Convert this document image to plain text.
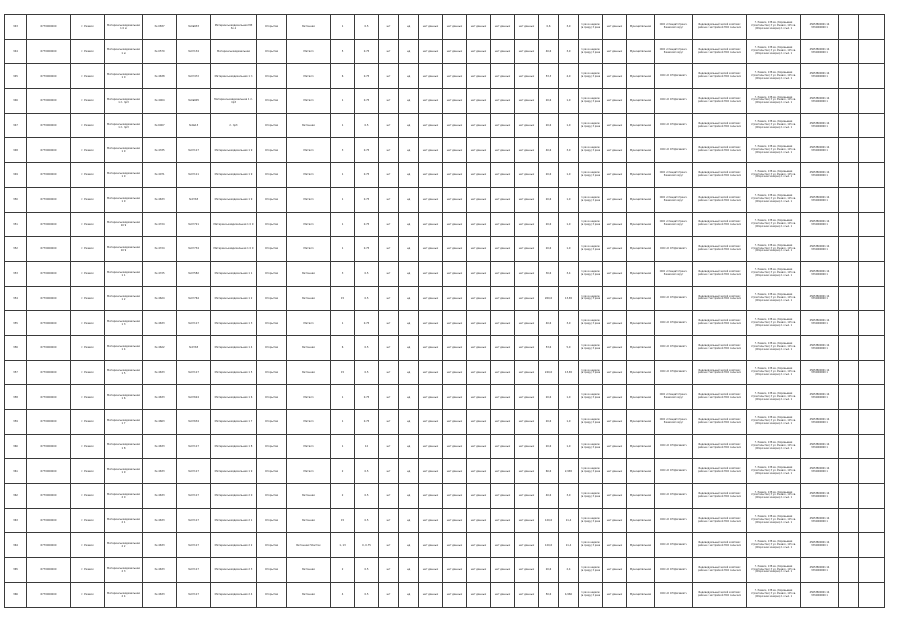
343	6770000000	г. Ржевск	Материнськаядизельная 1 0 м	3к.0837	3к0в633	Материнськаядизельная МЭ 3к.1	Открытая	Бетонная	1	0.5	шт	нд	нет данных	нет данных	нет данных	нет данных	нет данных	0,6	3,9	1 раз в неделю (в среду) 3 раза	нет данных	Муниципальная	ООО «Спецавтотранс» Ржевский округ	Индивидуальный жилой комплекс района с застройкой ПСО сельских	Г. Ржевск, 138 кв. (Коровьевая строительство) 3 ул. Ржевск, 115 кв. (Сборочная зонирна) 1 ссыл. 1	45653800001 14 3334000000 1		
344	6770000000	г. Ржевск	Материнськаядизельная 1 м	3к.0570	3к0т134	Материнськаядизельная	Открытая	Металл	5	0.75	шт	нд	нет данных	нет данных	нет данных	нет данных	нет данных	40,6	3,9	1 раз в неделю (в среду) 3 раза	нет данных	Муниципальная	ООО «Спецавтотранс» Ржевский округ	Индивидуальный жилой комплекс района с застройкой ПСО сельских	Г. Ржевск, 138 кв. (Коровьевая строительство) 3 ул. Ржевск, 115 кв. (Сборочная зонирна) 1 ссыл. 1	45653800001 14 3334000000 1		
345	6770000000	г. Ржевск	Материнськаядизельная 1 0	3к.4638	3к0т472	Материнськаядизельная 1 п	Открытая	Металл	6	0.75	шт	нд	нет данных	нет данных	нет данных	нет данных	нет данных	53,3	4,9	1 раз в неделю (в среду) 3 раза	нет данных	Муниципальная	ООО «К ОП Дагавиат»	Индивидуальный жилой комплекс района с застройкой ПСО сельских	Г. Ржевск, 138 кв. (Коровьевая строительство) 3 ул. Ржевск, 115 кв. (Сборочная зонирна) 1 ссыл. 1	45653800001 14 3334000000 1		
346	6770000000	г. Ржевск	Материнськаядизельная 1 п. пр3	3к.4004	3к0в605	Материнськаядизельная 1 п. пр3	Открытая	Металл	1	0.75	шт	нд	нет данных	нет данных	нет данных	нет данных	нет данных	20,6	1,9	1 раз в неделю (в среду) 3 раза	нет данных	Муниципальная	ООО «К ОП Дагавиат»	Индивидуальный жилой комплекс района с застройкой ПСО сельских	Г. Ржевск, 138 кв. (Коровьевая строительство) 3 ул. Ржевск, 115 кв. (Сборочная зонирна) 1 ссыл. 1	45653800001 14 3334000000 1		
347	6770000000	г. Ржевск	Материнськаядизельная 1 п. пр3	3к.6007	3к0в13	п. пр3	Открытая	Бетонная	1	0.5	шт	нд	нет данных	нет данных	нет данных	нет данных	нет данных	20,6	1,9	1 раз в неделю (в среду) 3 раза	нет данных	Муниципальная	ООО «К ОП Дагавиат»	Индивидуальный жилой комплекс района с застройкой ПСО сельских	Г. Ржевск, 138 кв. (Коровьевая строительство) 3 ул. Ржевск, 115 кв. (Сборочная зонирна) 1 ссыл. 1	45653800001 14 3334000000 1		
348	6770000000	г. Ржевск	Материнськаядизельная 1 9	3к.4335	3к0т117	Материнськаядизельная 1 9	Открытая	Металл	3	0.75	шт	нд	нет данных	нет данных	нет данных	нет данных	нет данных	40,6	3,9	1 раз в неделю (в среду) 3 раза	нет данных	Муниципальная	ООО «К ОП Дагавиат»	Индивидуальный жилой комплекс района с застройкой ПСО сельских	Г. Ржевск, 138 кв. (Коровьевая строительство) 3 ул. Ржевск, 115 кв. (Сборочная зонирна) 1 ссыл. 1	45653800001 14 3334000000 1		
349	6770000000	г. Ржевск	Материнськаядизельная 1 9	3к.4071	3к0т111	Материнськаядизельная 1 9	Открытая	Металл	1	0.75	шт	нд	нет данных	нет данных	нет данных	нет данных	нет данных	20,6	1,9	1 раз в неделю (в среду) 3 раза	нет данных	Муниципальная	ООО «Спецавтотранс» Ржевский округ	Индивидуальный жилой комплекс района с застройкой ПСО сельских	Г. Ржевск, 138 кв. (Коровьевая строительство) 3 ул. Ржевск, 115 кв. (Сборочная зонирна) 1 ссыл. 1	45653800001 14 3334000000 1		
350	6770000000	г. Ржевск	Материнськаядизельная 1 9	3к.4633	3к0т63	Материнськаядизельная 1 9	Открытая	Металл	1	0.75	шт	нд	нет данных	нет данных	нет данных	нет данных	нет данных	20,6	1,9	1 раз в неделю (в среду) 3 раза	нет данных	Муниципальная	ООО «Спецавтотранс» Ржевский округ	Индивидуальный жилой комплекс района с застройкой ПСО сельских	Г. Ржевск, 138 кв. (Коровьевая строительство) 3 ул. Ржевск, 115 кв. (Сборочная зонирна) 1 ссыл. 1	45653800001 14 3334000000 1		
351	6770000000	г. Ржевск	Материнськаядизельная 10 9	3к.4724	3к0т721	Материнськаядизельная 1 0 9	Открытая	Металл	1	0.75	шт	нд	нет данных	нет данных	нет данных	нет данных	нет данных	20,6	1,9	1 раз в неделю (в среду) 3 раза	нет данных	Муниципальная	ООО «Спецавтотранс» Ржевский округ	Индивидуальный жилой комплекс района с застройкой ПСО сельских	Г. Ржевск, 138 кв. (Коровьевая строительство) 3 ул. Ржевск, 115 кв. (Сборочная зонирна) 1 ссыл. 1	45653800001 14 3334000000 1		
352	6770000000	г. Ржевск	Материнськаядизельная 10 9	3к.4724	3к0т734	Материнськаядизельная 1 0 9	Открытая	Металл	1	0.75	шт	нд	нет данных	нет данных	нет данных	нет данных	нет данных	20,6	1,9	1 раз в неделю (в среду) 3 раза	нет данных	Муниципальная	ООО «К ОП Дагавиат»	Индивидуальный жилой комплекс района с застройкой ПСО сельских	Г. Ржевск, 138 кв. (Коровьевая строительство) 3 ул. Ржевск, 115 кв. (Сборочная зонирна) 1 ссыл. 1	45653800001 14 3334000000 1		
353	6770000000	г. Ржевск	Материнськаядизельная 1 1	3к.4725	3к0т582	Материнськаядизельная 1 1	Открытая	Бетонная	3	0.5	шт	нд	нет данных	нет данных	нет данных	нет данных	нет данных	30,6	3,4	1 раз в неделю (в среду) 3 раза	нет данных	Муниципальная	ООО «Спецавтотранс» Ржевский округ	Индивидуальный жилой комплекс района с застройкой ПСО сельских	Г. Ржевск, 138 кв. (Коровьевая строительство) 3 ул. Ржевск, 115 кв. (Сборочная зонирна) 1 ссыл. 1	45653800001 14 3334000000 1		
354	6770000000	г. Ржевск	Материнськаядизельная 1 2	3к.4624	3к0т764	Материнськаядизельная 1 2	Открытая	Бетонная	15	0.5	шт	нд	нет данных	нет данных	нет данных	нет данных	нет данных	260,6	13,65	1 раз в неделю (в среду) 3 раза	нет данных	Муниципальная	ООО «К ОП Дагавиат»	Индивидуальный жилой комплекс района с застройкой ПСО сельских	Г. Ржевск, 138 кв. (Коровьевая строительство) 3 ул. Ржевск, 115 кв. (Сборочная зонирна) 1 ссыл. 1	45653800001 14 3334000000 1		
355	6770000000	г. Ржевск	Материнськаядизельная 1 3	3к.4633	3к0т117	Материнськаядизельная 1 3	Открытая	Металл	1	0.75	шт	нд	нет данных	нет данных	нет данных	нет данных	нет данных	40,6	3,9	1 раз в неделю (в среду) 3 раза	нет данных	Муниципальная	ООО «К ОП Дагавиат»	Индивидуальный жилой комплекс района с застройкой ПСО сельских	Г. Ржевск, 138 кв. (Коровьевая строительство) 3 ул. Ржевск, 115 кв. (Сборочная зонирна) 1 ссыл. 1	45653800001 14 3334000000 1		
356	6770000000	г. Ржевск	Материнськаядизельная 1 4	3к.4622	3к0т63	Материнськаядизельная 1 4	Открытая	Бетонная	6	0.5	шт	нд	нет данных	нет данных	нет данных	нет данных	нет данных	53,6	5,9	1 раз в неделю (в среду) 3 раза	нет данных	Муниципальная	ООО «К ОП Дагавиат»	Индивидуальный жилой комплекс района с застройкой ПСО сельских	Г. Ржевск, 138 кв. (Коровьевая строительство) 3 ул. Ржевск, 115 кв. (Сборочная зонирна) 1 ссыл. 1	45653800001 14 3334000000 1		
357	6770000000	г. Ржевск	Материнськаядизельная 1 5	3к.4633	3к0т117	Материнськаядизельная 1 5	Открытая	Бетонная	15	0.5	шт	нд	нет данных	нет данных	нет данных	нет данных	нет данных	240,6	13,65	1 раз в неделю (в среду) 3 раза	нет данных	Муниципальная	ООО «К ОП Дагавиат»	Индивидуальный жилой комплекс района с застройкой ПСО сельских	Г. Ржевск, 138 кв. (Коровьевая строительство) 3 ул. Ржевск, 115 кв. (Сборочная зонирна) 1 ссыл. 1	45653800001 14 3334000000 1		
358	6770000000	г. Ржевск	Материнськаядизельная 1 6	3к.4633	3к0т624	Материнськаядизельная 1 6	Открытая	Металл	1	0.75	шт	нд	нет данных	нет данных	нет данных	нет данных	нет данных	20,6	1,9	1 раз в неделю (в среду) 3 раза	нет данных	Муниципальная	ООО «Спецавтотранс» Ржевский округ	Индивидуальный жилой комплекс района с застройкой ПСО сельских	Г. Ржевск, 138 кв. (Коровьевая строительство) 3 ул. Ржевск, 115 кв. (Сборочная зонирна) 1 ссыл. 1	45653800001 14 3334000000 1		
359	6770000000	г. Ржевск	Материнськаядизельная 1 7	3к.4663	3к0т634	Материнськаядизельная 1 7	Открытая	Металл	1	0.75	шт	нд	нет данных	нет данных	нет данных	нет данных	нет данных	20,6	1,9	1 раз в неделю (в среду) 3 раза	нет данных	Муниципальная	ООО «Спецавтотранс» Ржевский округ	Индивидуальный жилой комплекс района с застройкой ПСО сельских	Г. Ржевск, 138 кв. (Коровьевая строительство) 3 ул. Ржевск, 115 кв. (Сборочная зонирна) 1 ссыл. 1	45653800001 14 3334000000 1		
360	6770000000	г. Ржевск	Материнськаядизельная 1 8	3к.4633	3к0т117	Материнськаядизельная 1 8	Открытая	Металл	1	12	шт	нд	нет данных	нет данных	нет данных	нет данных	нет данных	20,6	1,9	1 раз в неделю (в среду) 3 раза	нет данных	Муниципальная	ООО «К ОП Дагавиат»	Индивидуальный жилой комплекс района с застройкой ПСО сельских	Г. Ржевск, 138 кв. (Коровьевая строительство) 3 ул. Ржевск, 115 кв. (Сборочная зонирна) 1 ссыл. 1	45653800001 14 3334000000 1		
361	6770000000	г. Ржевск	Материнськаядизельная 1 9	3к.4633	3к0т117	Материнськаядизельная 1 9	Открытая	Металл	2	0.5	шт	нд	нет данных	нет данных	нет данных	нет данных	нет данных	60,6	2,965	1 раз в неделю (в среду) 3 раза	нет данных	Муниципальная	ООО «К ОП Дагавиат»	Индивидуальный жилой комплекс района с застройкой ПСО сельских	Г. Ржевск, 138 кв. (Коровьевая строительство) 3 ул. Ржевск, 115 кв. (Сборочная зонирна) 1 ссыл. 1	45653800001 14 3334000000 1		
362	6770000000	г. Ржевск	Материнськаядизельная 2 0	3к.4633	3к0т117	Материнськаядизельная 2 0	Открытая	Бетонная	2	0.5	шт	нд	нет данных	нет данных	нет данных	нет данных	нет данных	40,6	3,9	1 раз в неделю (в среду) 3 раза	нет данных	Муниципальная	ООО «К ОП Дагавиат»	Индивидуальный жилой комплекс района с застройкой ПСО сельских	Г. Ржевск, 138 кв. (Коровьевая строительство) 3 ул. Ржевск, 115 кв. (Сборочная зонирна) 1 ссыл. 1	45653800001 14 3334000000 1		
363	6770000000	г. Ржевск	Материнськаядизельная 2 1	3к.4633	3к0т117	Материнськаядизельная 2 1	Открытая	Бетонная	15	0.5	шт	нд	нет данных	нет данных	нет данных	нет данных	нет данных	120,6	11,4	1 раз в неделю (в среду) 3 раза	нет данных	Муниципальная	ООО «К ОП Дагавиат»	Индивидуальный жилой комплекс района с застройкой ПСО сельских	Г. Ржевск, 138 кв. (Коровьевая строительство) 3 ул. Ржевск, 115 кв. (Сборочная зонирна) 1 ссыл. 1	45653800001 14 3334000000 1		
364	6770000000	г. Ржевск	Материнськаядизельная 2 2	3к.4633	3к0т117	Материнськаядизельная 2 2	Открытая	Бетонная Пластик	1, 13	0, 0.75	шт	нд	нет данных	нет данных	нет данных	нет данных	нет данных	120,6	11,4	1 раз в неделю (в среду) 3 раза	нет данных	Муниципальная	ООО «К ОП Дагавиат»	Индивидуальный жилой комплекс района с застройкой ПСО сельских	Г. Ржевск, 138 кв. (Коровьевая строительство) 3 ул. Ржевск, 115 кв. (Сборочная зонирна) 1 ссыл. 1	45653800001 14 3334000000 1		
365	6770000000	г. Ржевск	Материнськаядизельная 2 3	3к.4633	3к0т117	Материнськаядизельная 2 3	Открытая	Бетонная	2	0.5	шт	нд	нет данных	нет данных	нет данных	нет данных	нет данных	20,6	2,4	1 раз в неделю (в среду) 3 раза	нет данных	Муниципальная	ООО «К ОП Дагавиат»	Индивидуальный жилой комплекс района с застройкой ПСО сельских	Г. Ржевск, 138 кв. (Коровьевая строительство) 3 ул. Ржевск, 115 кв. (Сборочная зонирна) 1 ссыл. 1	45653800001 14 3334000000 1		
366	6770000000	г. Ржевск	Материнськаядизельная 2 4	3к.4633	3к0т117	Материнськаядизельная 2 4	Открытая	Бетонная	4	0.5	шт	нд	нет данных	нет данных	нет данных	нет данных	нет данных	50,6	4,960	1 раз в неделю (в среду) 3 раза	нет данных	Муниципальная	ООО «К ОП Дагавиат»	Индивидуальный жилой комплекс района с застройкой ПСО сельских	Г. Ржевск, 138 кв. (Коровьевая строительство) 3 ул. Ржевск, 115 кв. (Сборочная зонирна) 1 ссыл. 1	45653800001 14 3334000000 1		
